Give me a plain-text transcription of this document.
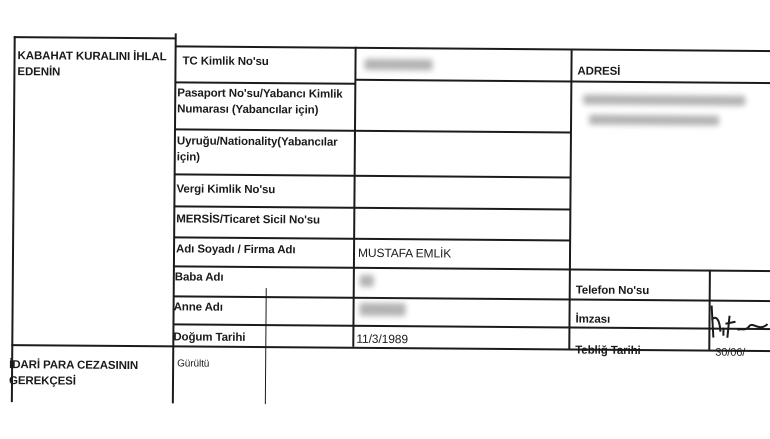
KABAHAT KURALINI İHLAL EDENİN
İDARİ PARA CEZASININ GEREKÇESİ
Gürültü
TC Kimlik No'su
Pasaport No'su/Yabancı Kimlik Numarası (Yabancılar için)
Uyruğu/Nationality(Yabancılar için)
Vergi Kimlik No'su
MERSİS/Ticaret Sicil No'su
Adı Soyadı / Firma Adı
Baba Adı
Anne Adı
Doğum Tarihi
MUSTAFA EMLİK
11/3/1989
ADRESİ
Telefon No'su
İmzası
Tebliğ Tarihi	30/06/
